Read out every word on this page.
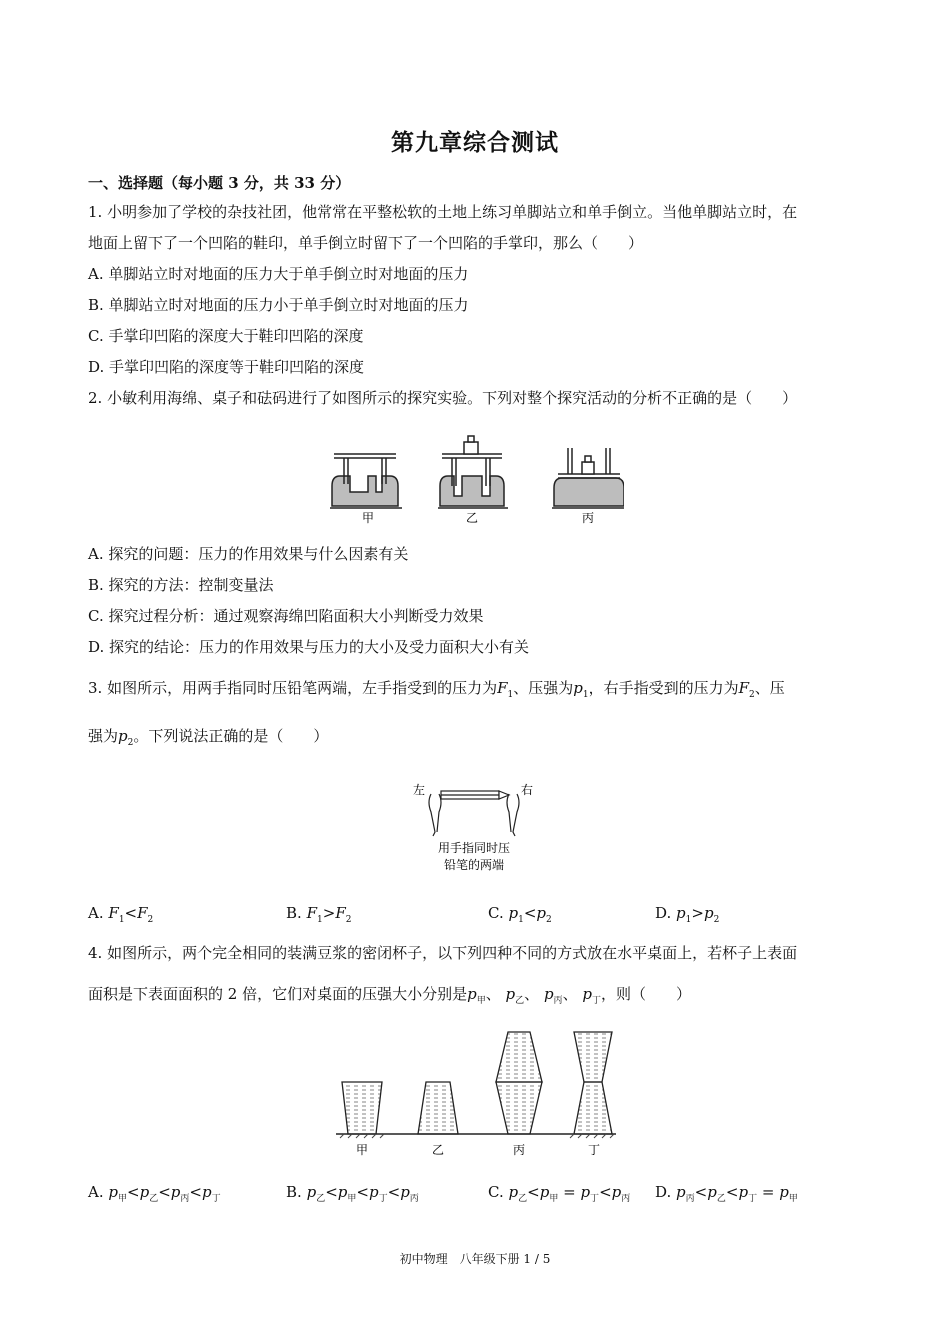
第九章综合测试
一、选择题（每小题 3 分，共 33 分）
1. 小明参加了学校的杂技社团，他常常在平整松软的土地上练习单脚站立和单手倒立。当他单脚站立时，在
地面上留下了一个凹陷的鞋印，单手倒立时留下了一个凹陷的手掌印，那么（　　）
A. 单脚站立时对地面的压力大于单手倒立时对地面的压力
B. 单脚站立时对地面的压力小于单手倒立时对地面的压力
C. 手掌印凹陷的深度大于鞋印凹陷的深度
D. 手掌印凹陷的深度等于鞋印凹陷的深度
2. 小敏利用海绵、桌子和砝码进行了如图所示的探究实验。下列对整个探究活动的分析不正确的是（　　）
甲	乙	丙
A. 探究的问题：压力的作用效果与什么因素有关
B. 探究的方法：控制变量法
C. 探究过程分析：通过观察海绵凹陷面积大小判断受力效果
D. 探究的结论：压力的作用效果与压力的大小及受力面积大小有关
3. 如图所示，用两手指同时压铅笔两端，左手指受到的压力为$F_1$、压强为$p_1$，右手指受到的压力为$F_2$、压
强为$p_2$。下列说法正确的是（　　）
左	右
用手指同时压
铅笔的两端
A. $F_1<F_2$	B. $F_1>F_2$	C. $p_1<p_2$	D. $p_1>p_2$
4. 如图所示，两个完全相同的装满豆浆的密闭杯子，以下列四种不同的方式放在水平桌面上，若杯子上表面
面积是下表面面积的 2 倍，它们对桌面的压强大小分别是$p_甲$、 $p_乙$、 $p_丙$、 $p_丁$，则（　　）
甲	乙	丙	丁
A. $p_甲<p_乙<p_丙<p_丁$	B. $p_乙<p_甲<p_丁<p_丙$	C. $p_乙<p_甲 = p_丁<p_丙$ D. $p_丙<p_乙<p_丁 = p_甲$
初中物理　八年级下册 1 / 5
